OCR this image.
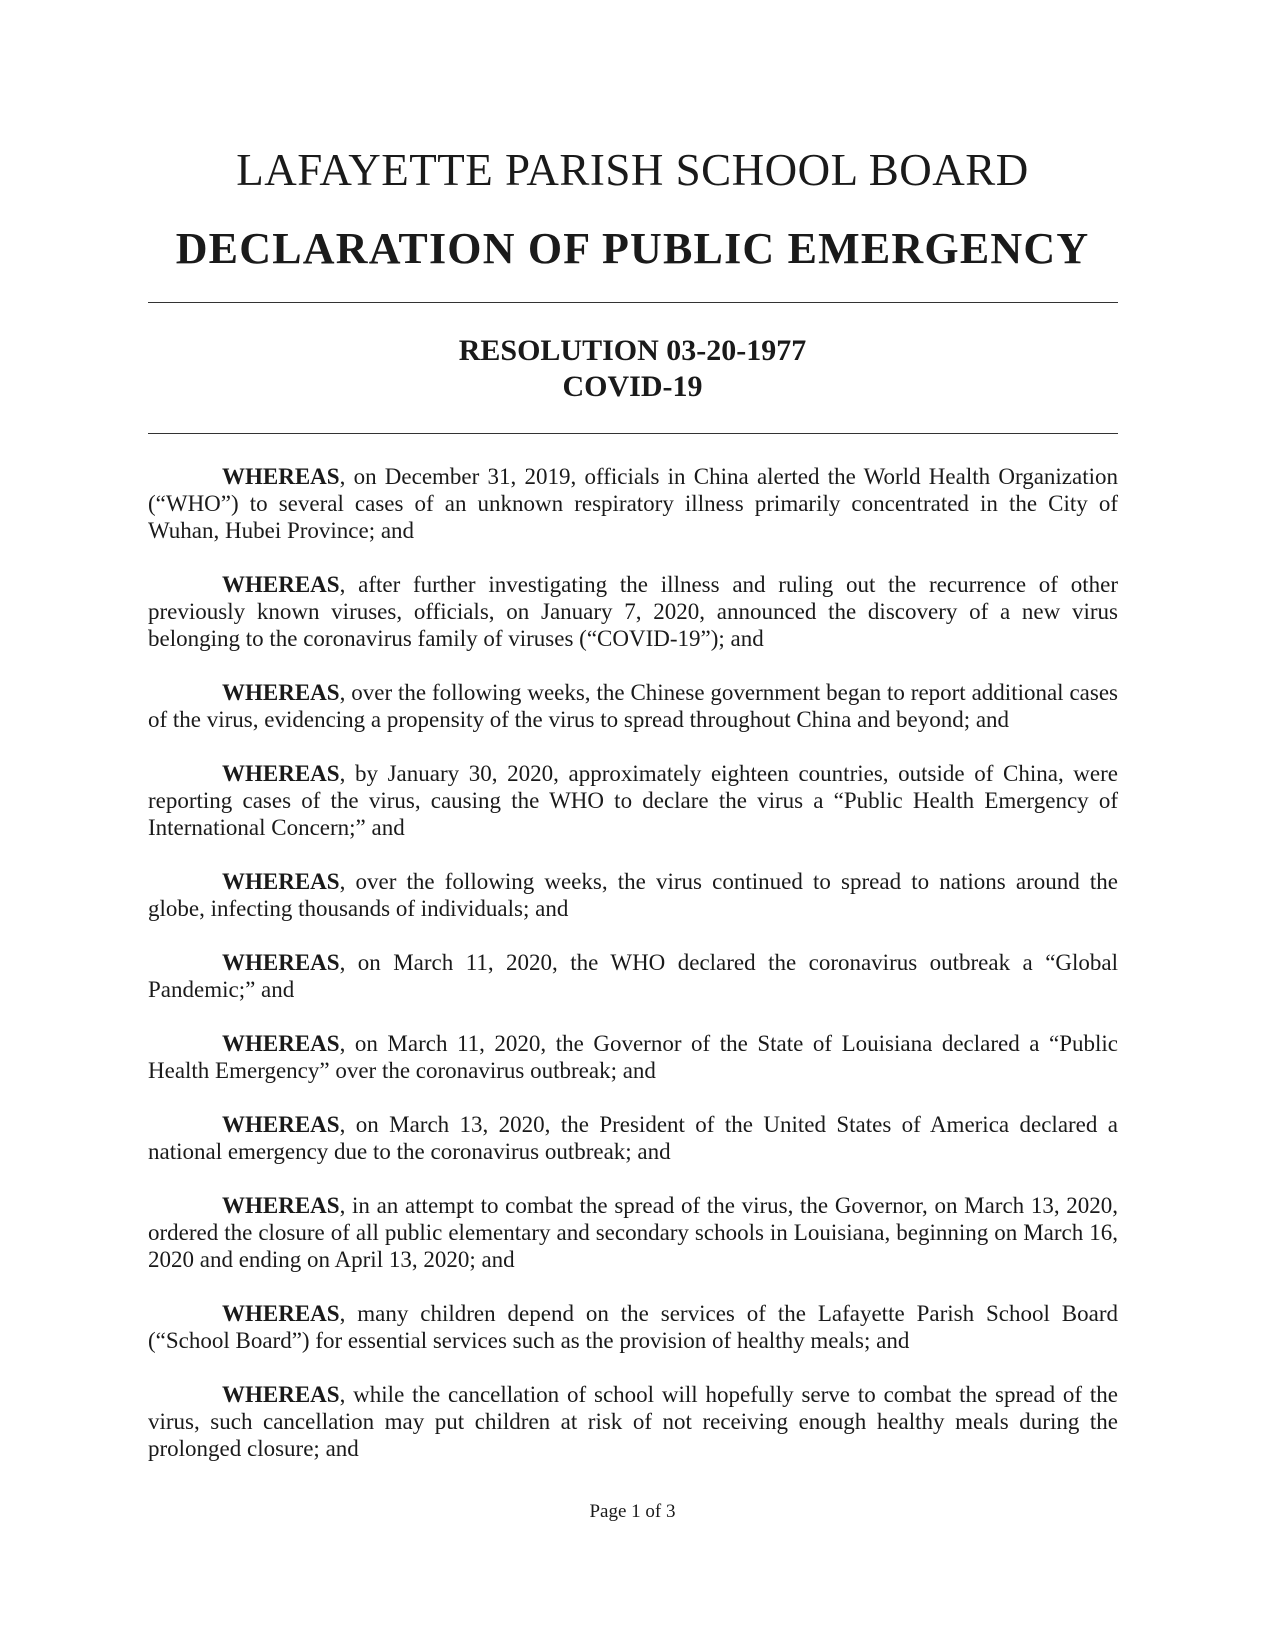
LAFAYETTE PARISH SCHOOL BOARD
DECLARATION OF PUBLIC EMERGENCY
RESOLUTION 03-20-1977
COVID-19

WHEREAS, on December 31, 2019, officials in China alerted the World Health Organization (“WHO”) to several cases of an unknown respiratory illness primarily concentrated in the City of Wuhan, Hubei Province; and

WHEREAS, after further investigating the illness and ruling out the recurrence of other previously known viruses, officials, on January 7, 2020, announced the discovery of a new virus belonging to the coronavirus family of viruses (“COVID-19”); and

WHEREAS, over the following weeks, the Chinese government began to report additional cases of the virus, evidencing a propensity of the virus to spread throughout China and beyond; and

WHEREAS, by January 30, 2020, approximately eighteen countries, outside of China, were reporting cases of the virus, causing the WHO to declare the virus a “Public Health Emergency of International Concern;” and

WHEREAS, over the following weeks, the virus continued to spread to nations around the globe, infecting thousands of individuals; and

WHEREAS, on March 11, 2020, the WHO declared the coronavirus outbreak a “Global Pandemic;” and

WHEREAS, on March 11, 2020, the Governor of the State of Louisiana declared a “Public Health Emergency” over the coronavirus outbreak; and

WHEREAS, on March 13, 2020, the President of the United States of America declared a national emergency due to the coronavirus outbreak; and

WHEREAS, in an attempt to combat the spread of the virus, the Governor, on March 13, 2020, ordered the closure of all public elementary and secondary schools in Louisiana, beginning on March 16, 2020 and ending on April 13, 2020; and

WHEREAS, many children depend on the services of the Lafayette Parish School Board (“School Board”) for essential services such as the provision of healthy meals; and

WHEREAS, while the cancellation of school will hopefully serve to combat the spread of the virus, such cancellation may put children at risk of not receiving enough healthy meals during the prolonged closure; and

Page 1 of 3
